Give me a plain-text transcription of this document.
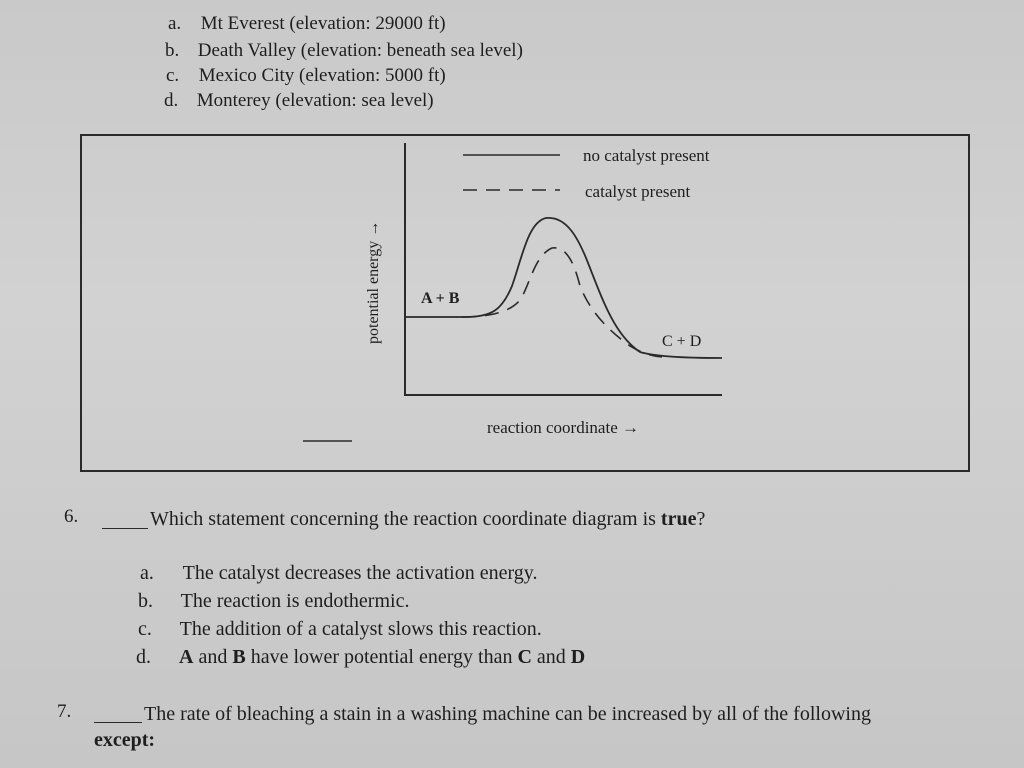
a. Mt Everest (elevation: 29000 ft)
b. Death Valley (elevation: beneath sea level)
c. Mexico City (elevation: 5000 ft)
d. Monterey (elevation: sea level)
potential energy →
no catalyst present
catalyst present
A + B
C + D
reaction coordinate →
6.	Which statement concerning the reaction coordinate diagram is true?
a. The catalyst decreases the activation energy.
b. The reaction is endothermic.
c. The addition of a catalyst slows this reaction.
d. A and B have lower potential energy than C and D
7.	The rate of bleaching a stain in a washing machine can be increased by all of the following
except:
